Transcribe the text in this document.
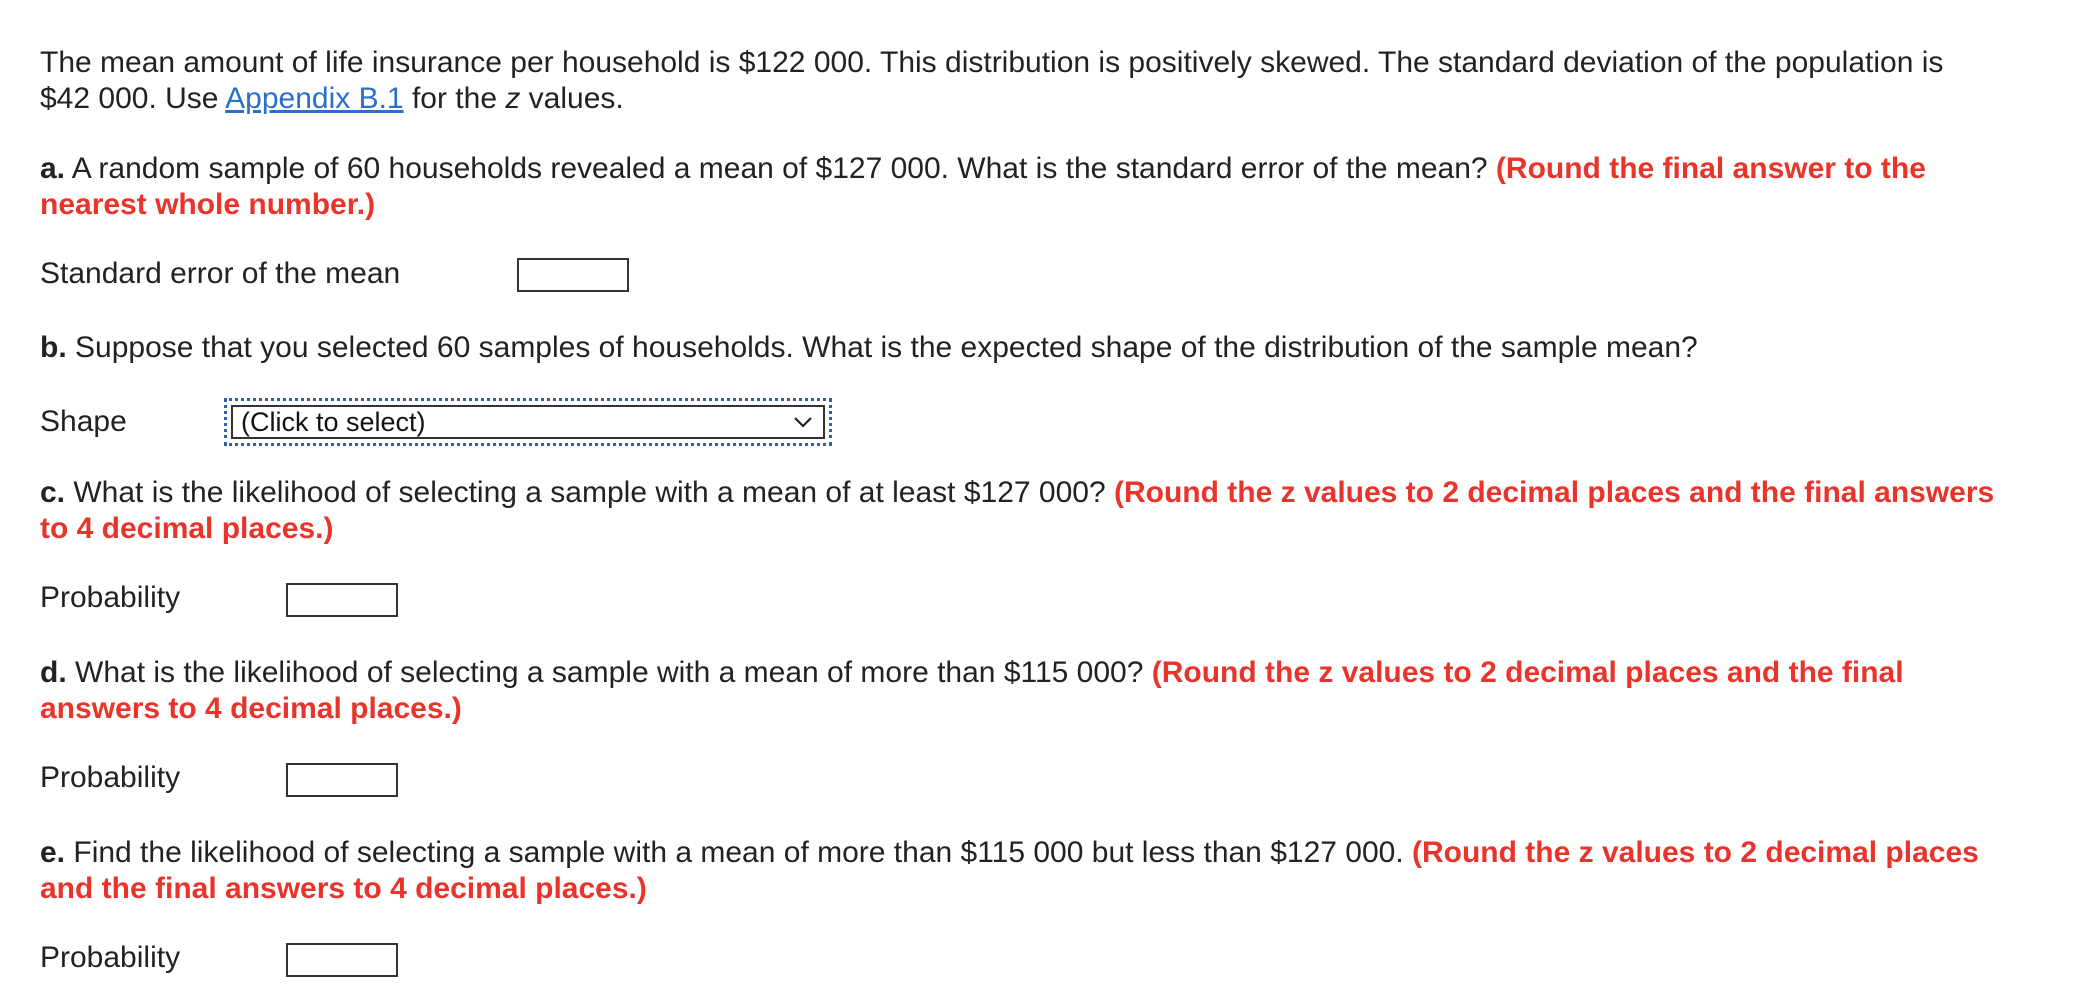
The mean amount of life insurance per household is $122 000. This distribution is positively skewed. The standard deviation of the population is $42 000. Use Appendix B.1 for the z values.
a. A random sample of 60 households revealed a mean of $127 000. What is the standard error of the mean? (Round the final answer to the nearest whole number.)
Standard error of the mean
b. Suppose that you selected 60 samples of households. What is the expected shape of the distribution of the sample mean?
Shape	(Click to select)
c. What is the likelihood of selecting a sample with a mean of at least $127 000? (Round the z values to 2 decimal places and the final answers to 4 decimal places.)
Probability
d. What is the likelihood of selecting a sample with a mean of more than $115 000? (Round the z values to 2 decimal places and the final answers to 4 decimal places.)
Probability
e. Find the likelihood of selecting a sample with a mean of more than $115 000 but less than $127 000. (Round the z values to 2 decimal places and the final answers to 4 decimal places.)
Probability
